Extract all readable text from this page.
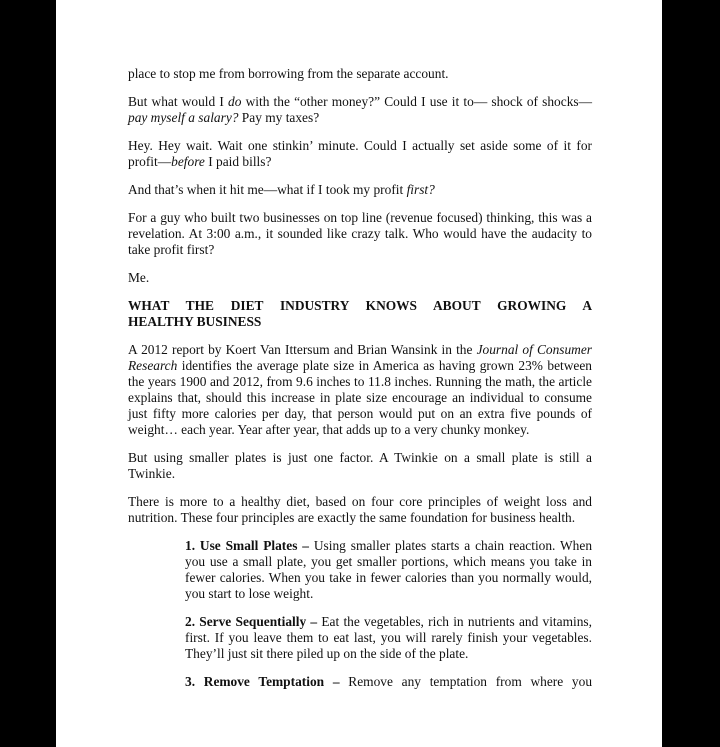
place to stop me from borrowing from the separate account.

But what would I do with the “other money?” Could I use it to— shock of shocks—pay myself a salary? Pay my taxes?

Hey. Hey wait. Wait one stinkin’ minute. Could I actually set aside some of it for profit—before I paid bills?

And that’s when it hit me—what if I took my profit first?

For a guy who built two businesses on top line (revenue focused) thinking, this was a revelation. At 3:00 a.m., it sounded like crazy talk. Who would have the audacity to take profit first?

Me.

WHAT THE DIET INDUSTRY KNOWS ABOUT GROWING A
HEALTHY BUSINESS

A 2012 report by Koert Van Ittersum and Brian Wansink in the Journal of Consumer Research identifies the average plate size in America as having grown 23% between the years 1900 and 2012, from 9.6 inches to 11.8 inches. Running the math, the article explains that, should this increase in plate size encourage an individual to consume just fifty more calories per day, that person would put on an extra five pounds of weight… each year. Year after year, that adds up to a very chunky monkey.

But using smaller plates is just one factor. A Twinkie on a small plate is still a Twinkie.

There is more to a healthy diet, based on four core principles of weight loss and nutrition. These four principles are exactly the same foundation for business health.

1. Use Small Plates – Using smaller plates starts a chain reaction. When you use a small plate, you get smaller portions, which means you take in fewer calories. When you take in fewer calories than you normally would, you start to lose weight.

2. Serve Sequentially – Eat the vegetables, rich in nutrients and vitamins, first. If you leave them to eat last, you will rarely finish your vegetables. They’ll just sit there piled up on the side of the plate.

3. Remove Temptation – Remove any temptation from where you
